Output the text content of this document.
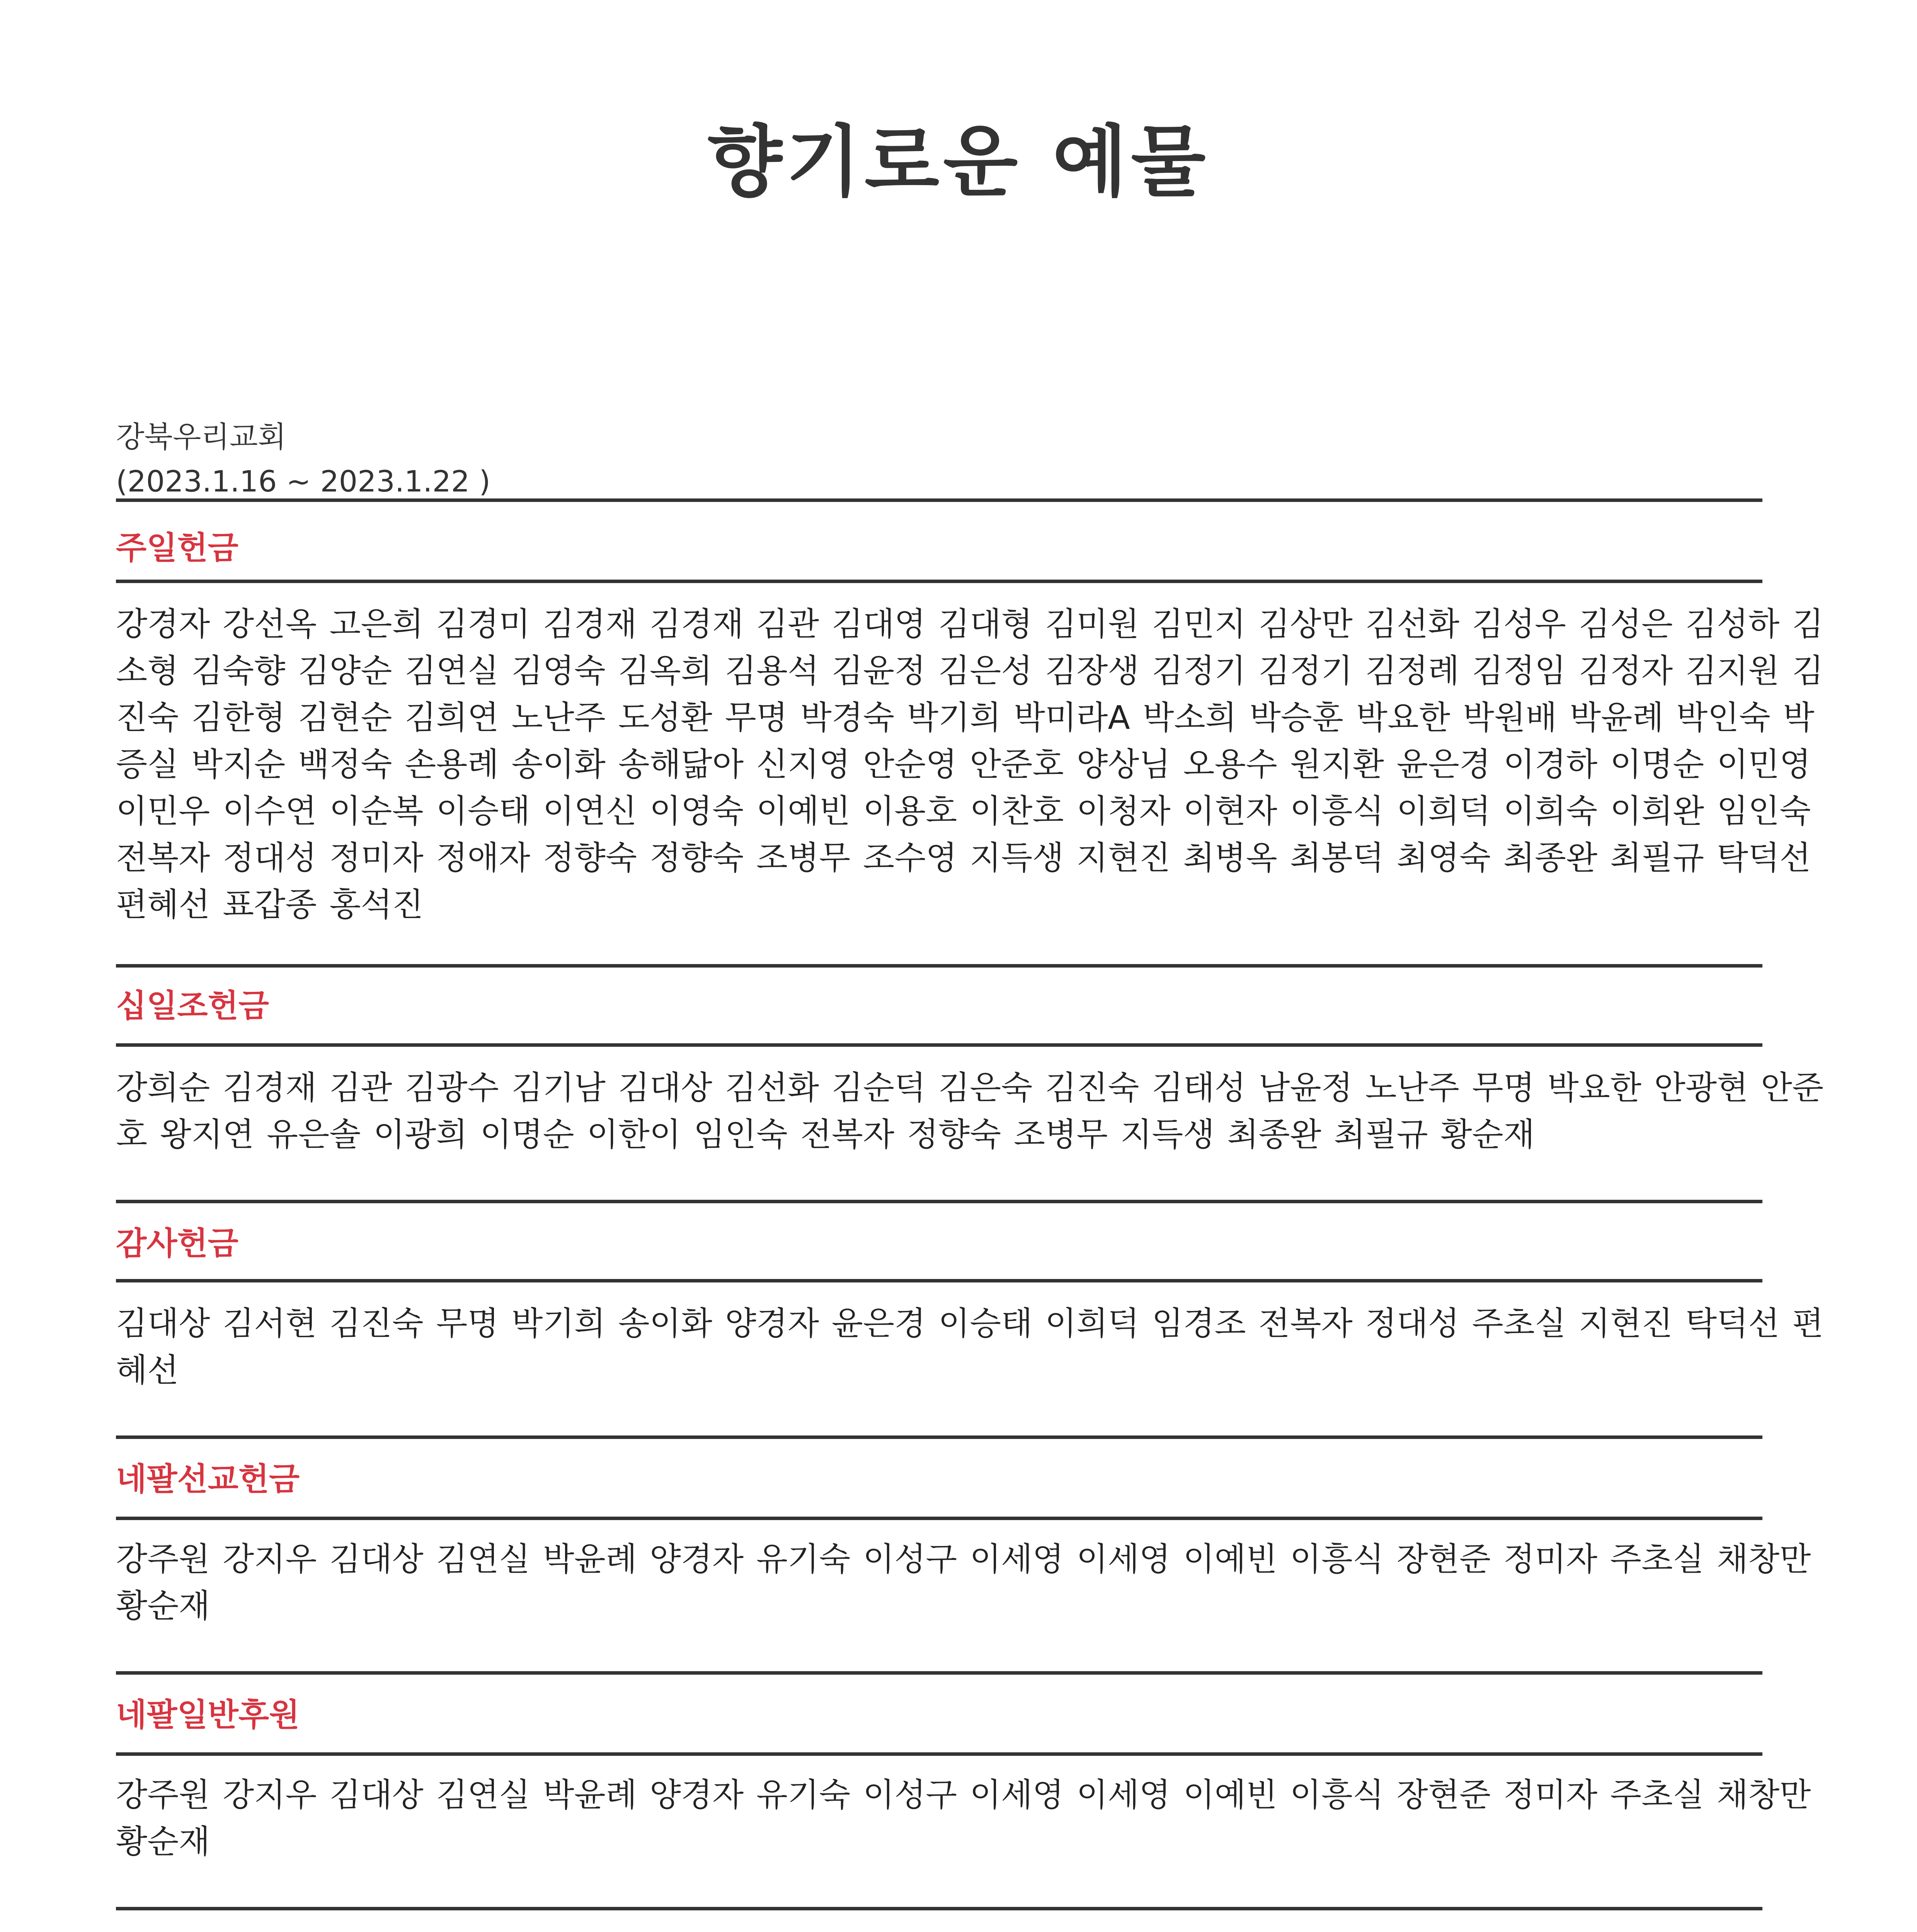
향기로운 예물
강북우리교회
(2023.1.16 ~ 2023.1.22 )
주일헌금
강경자 강선옥 고은희 김경미 김경재 김경재 김관 김대영 김대형 김미원 김민지 김상만 김선화 김성우 김성은 김성하 김소형 김숙향 김양순 김연실 김영숙 김옥희 김용석 김윤정 김은성 김장생 김정기 김정기 김정례 김정임 김정자 김지원 김진숙 김한형 김현순 김희연 노난주 도성환 무명 박경숙 박기희 박미라A 박소희 박승훈 박요한 박원배 박윤례 박인숙 박증실 박지순 백정숙 손용례 송이화 송해닮아 신지영 안순영 안준호 양상님 오용수 원지환 윤은경 이경하 이명순 이민영 이민우 이수연 이순복 이승태 이연신 이영숙 이예빈 이용호 이찬호 이청자 이현자 이흥식 이희덕 이희숙 이희완 임인숙 전복자 정대성 정미자 정애자 정향숙 정향숙 조병무 조수영 지득생 지현진 최병옥 최봉덕 최영숙 최종완 최필규 탁덕선 편혜선 표갑종 홍석진
십일조헌금
강희순 김경재 김관 김광수 김기남 김대상 김선화 김순덕 김은숙 김진숙 김태성 남윤정 노난주 무명 박요한 안광현 안준호 왕지연 유은솔 이광희 이명순 이한이 임인숙 전복자 정향숙 조병무 지득생 최종완 최필규 황순재
감사헌금
김대상 김서현 김진숙 무명 박기희 송이화 양경자 윤은경 이승태 이희덕 임경조 전복자 정대성 주초실 지현진 탁덕선 편혜선
네팔선교헌금
강주원 강지우 김대상 김연실 박윤례 양경자 유기숙 이성구 이세영 이세영 이예빈 이흥식 장현준 정미자 주초실 채창만 황순재
네팔일반후원
강주원 강지우 김대상 김연실 박윤례 양경자 유기숙 이성구 이세영 이세영 이예빈 이흥식 장현준 정미자 주초실 채창만 황순재
